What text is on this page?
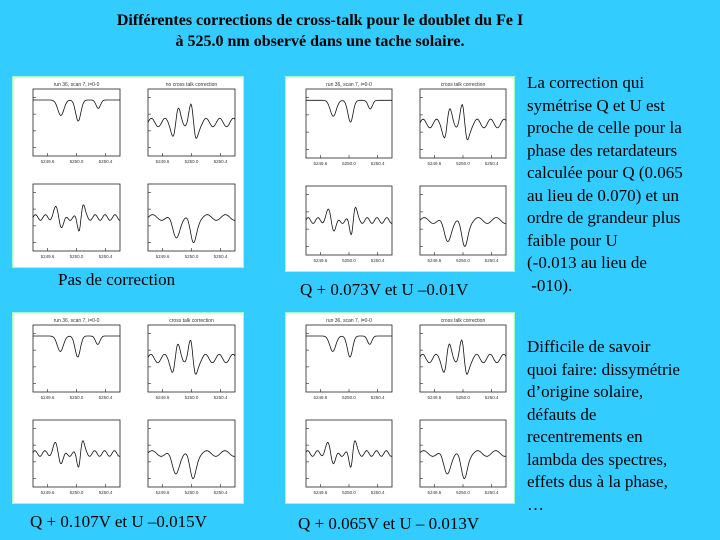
Différentes corrections de cross-talk pour le doublet du Fe I
à 525.0 nm observé dans une tache solaire.
run 36, scan 7, i=0-0
5249.6	5250.0	5250.4
no cross talk correction
5249.6	5250.0	5250.4
5249.6	5250.0	5250.4	5249.6	5250.0	5250.4
Pas de correction
run 36, scan 7, i=0-0
5249.6	5250.0	5250.4
cross talk correction
5249.6	5250.0	5250.4
5249.6	5250.0	5250.4	5249.6	5250.0	5250.4
Q + 0.073V et U –0.01V
run 36, scan 7, i=0-0
5249.6	5250.0	5250.4
cross talk correction
5249.6	5250.0	5250.4
5249.6	5250.0	5250.4	5249.6	5250.0	5250.4
Q + 0.107V et U –0.015V
run 36, scan 7, i=0-0
5249.6	5250.0	5250.4
cross talk correction
5249.6	5250.0	5250.4
5249.6	5250.0	5250.4	5249.6	5250.0	5250.4
Q + 0.065V et U – 0.013V
La correction qui
symétrise Q et U est
proche de celle pour la
phase des retardateurs
calculée pour Q (0.065
au lieu de 0.070) et un
ordre de grandeur plus
faible pour U
(-0.013 au lieu de
-010).
Difficile de savoir
quoi faire: dissymétrie
d’origine solaire,
défauts de
recentrements en
lambda des spectres,
effets dus à la phase,
…
